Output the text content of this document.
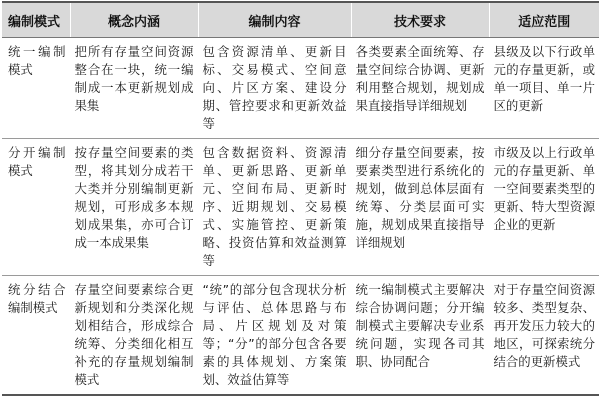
编制模式	概念内涵	编制内容	技术要求	适应范围

统一编制模式	把所有存量空间资源整合在一块，统一编制成一本更新规划成果集	包含资源清单、更新目标、交易模式、空间意向、片区方案、建设分期、管控要求和更新效益等	各类要素全面统筹、存量空间综合协调、更新利用整合规划，规划成果直接指导详细规划	县级及以下行政单元的存量更新，或单一项目、单一片区的更新

分开编制模式	按存量空间要素的类型，将其划分成若干大类并分别编制更新规划，可形成多本规划成果集，亦可合订成一本成果集	包含数据资料、资源清单、更新思路、更新单元、空间布局、更新时序、近期规划、交易模式、实施管控、更新策略、投资估算和效益测算等	细分存量空间要素，按要素类型进行系统化的规划，做到总体层面有统筹、分类层面可实施，规划成果直接指导详细规划	市级及以上行政单元的存量更新、单一空间要素类型的更新、特大型资源企业的更新

统分结合编制模式	存量空间要素综合更新规划和分类深化规划相结合，形成综合统筹、分类细化相互补充的存量规划编制模式	“统”的部分包含现状分析与评估、总体思路与布局、片区规划及对策等；“分”的部分包含各要素的具体规划、方案策划、效益估算等	统一编制模式主要解决综合协调问题；分开编制模式主要解决专业系统问题，实现各司其职、协同配合	对于存量空间资源较多、类型复杂、再开发压力较大的地区，可探索统分结合的更新模式
